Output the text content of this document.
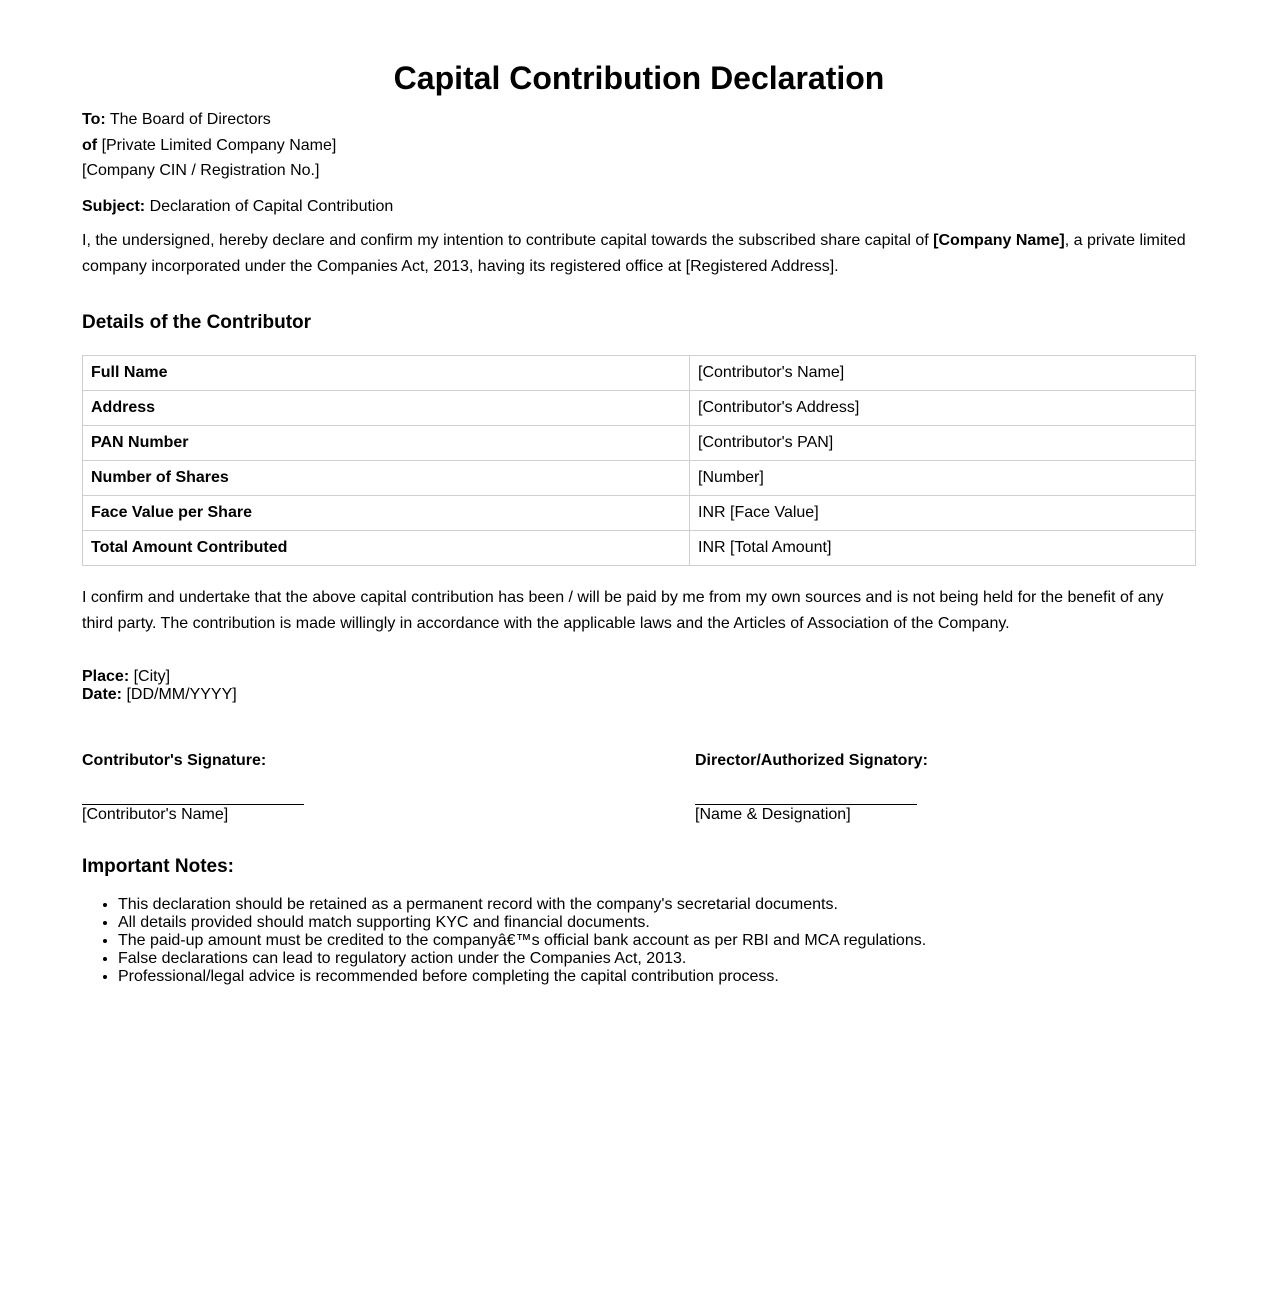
Capital Contribution Declaration
To: The Board of Directors
of [Private Limited Company Name]
[Company CIN / Registration No.]
Subject: Declaration of Capital Contribution
I, the undersigned, hereby declare and confirm my intention to contribute capital towards the subscribed share capital of [Company Name], a private limited company incorporated under the Companies Act, 2013, having its registered office at [Registered Address].
Details of the Contributor
Full Name	[Contributor's Name]
Address	[Contributor's Address]
PAN Number	[Contributor's PAN]
Number of Shares	[Number]
Face Value per Share	INR [Face Value]
Total Amount Contributed	INR [Total Amount]
I confirm and undertake that the above capital contribution has been / will be paid by me from my own sources and is not being held for the benefit of any third party. The contribution is made willingly in accordance with the applicable laws and the Articles of Association of the Company.
Place: [City]
Date: [DD/MM/YYYY]
Contributor's Signature:
[Contributor's Name]
Director/Authorized Signatory:
[Name & Designation]
Important Notes:
• This declaration should be retained as a permanent record with the company's secretarial documents.
• All details provided should match supporting KYC and financial documents.
• The paid-up amount must be credited to the companyâ€™s official bank account as per RBI and MCA regulations.
• False declarations can lead to regulatory action under the Companies Act, 2013.
• Professional/legal advice is recommended before completing the capital contribution process.
